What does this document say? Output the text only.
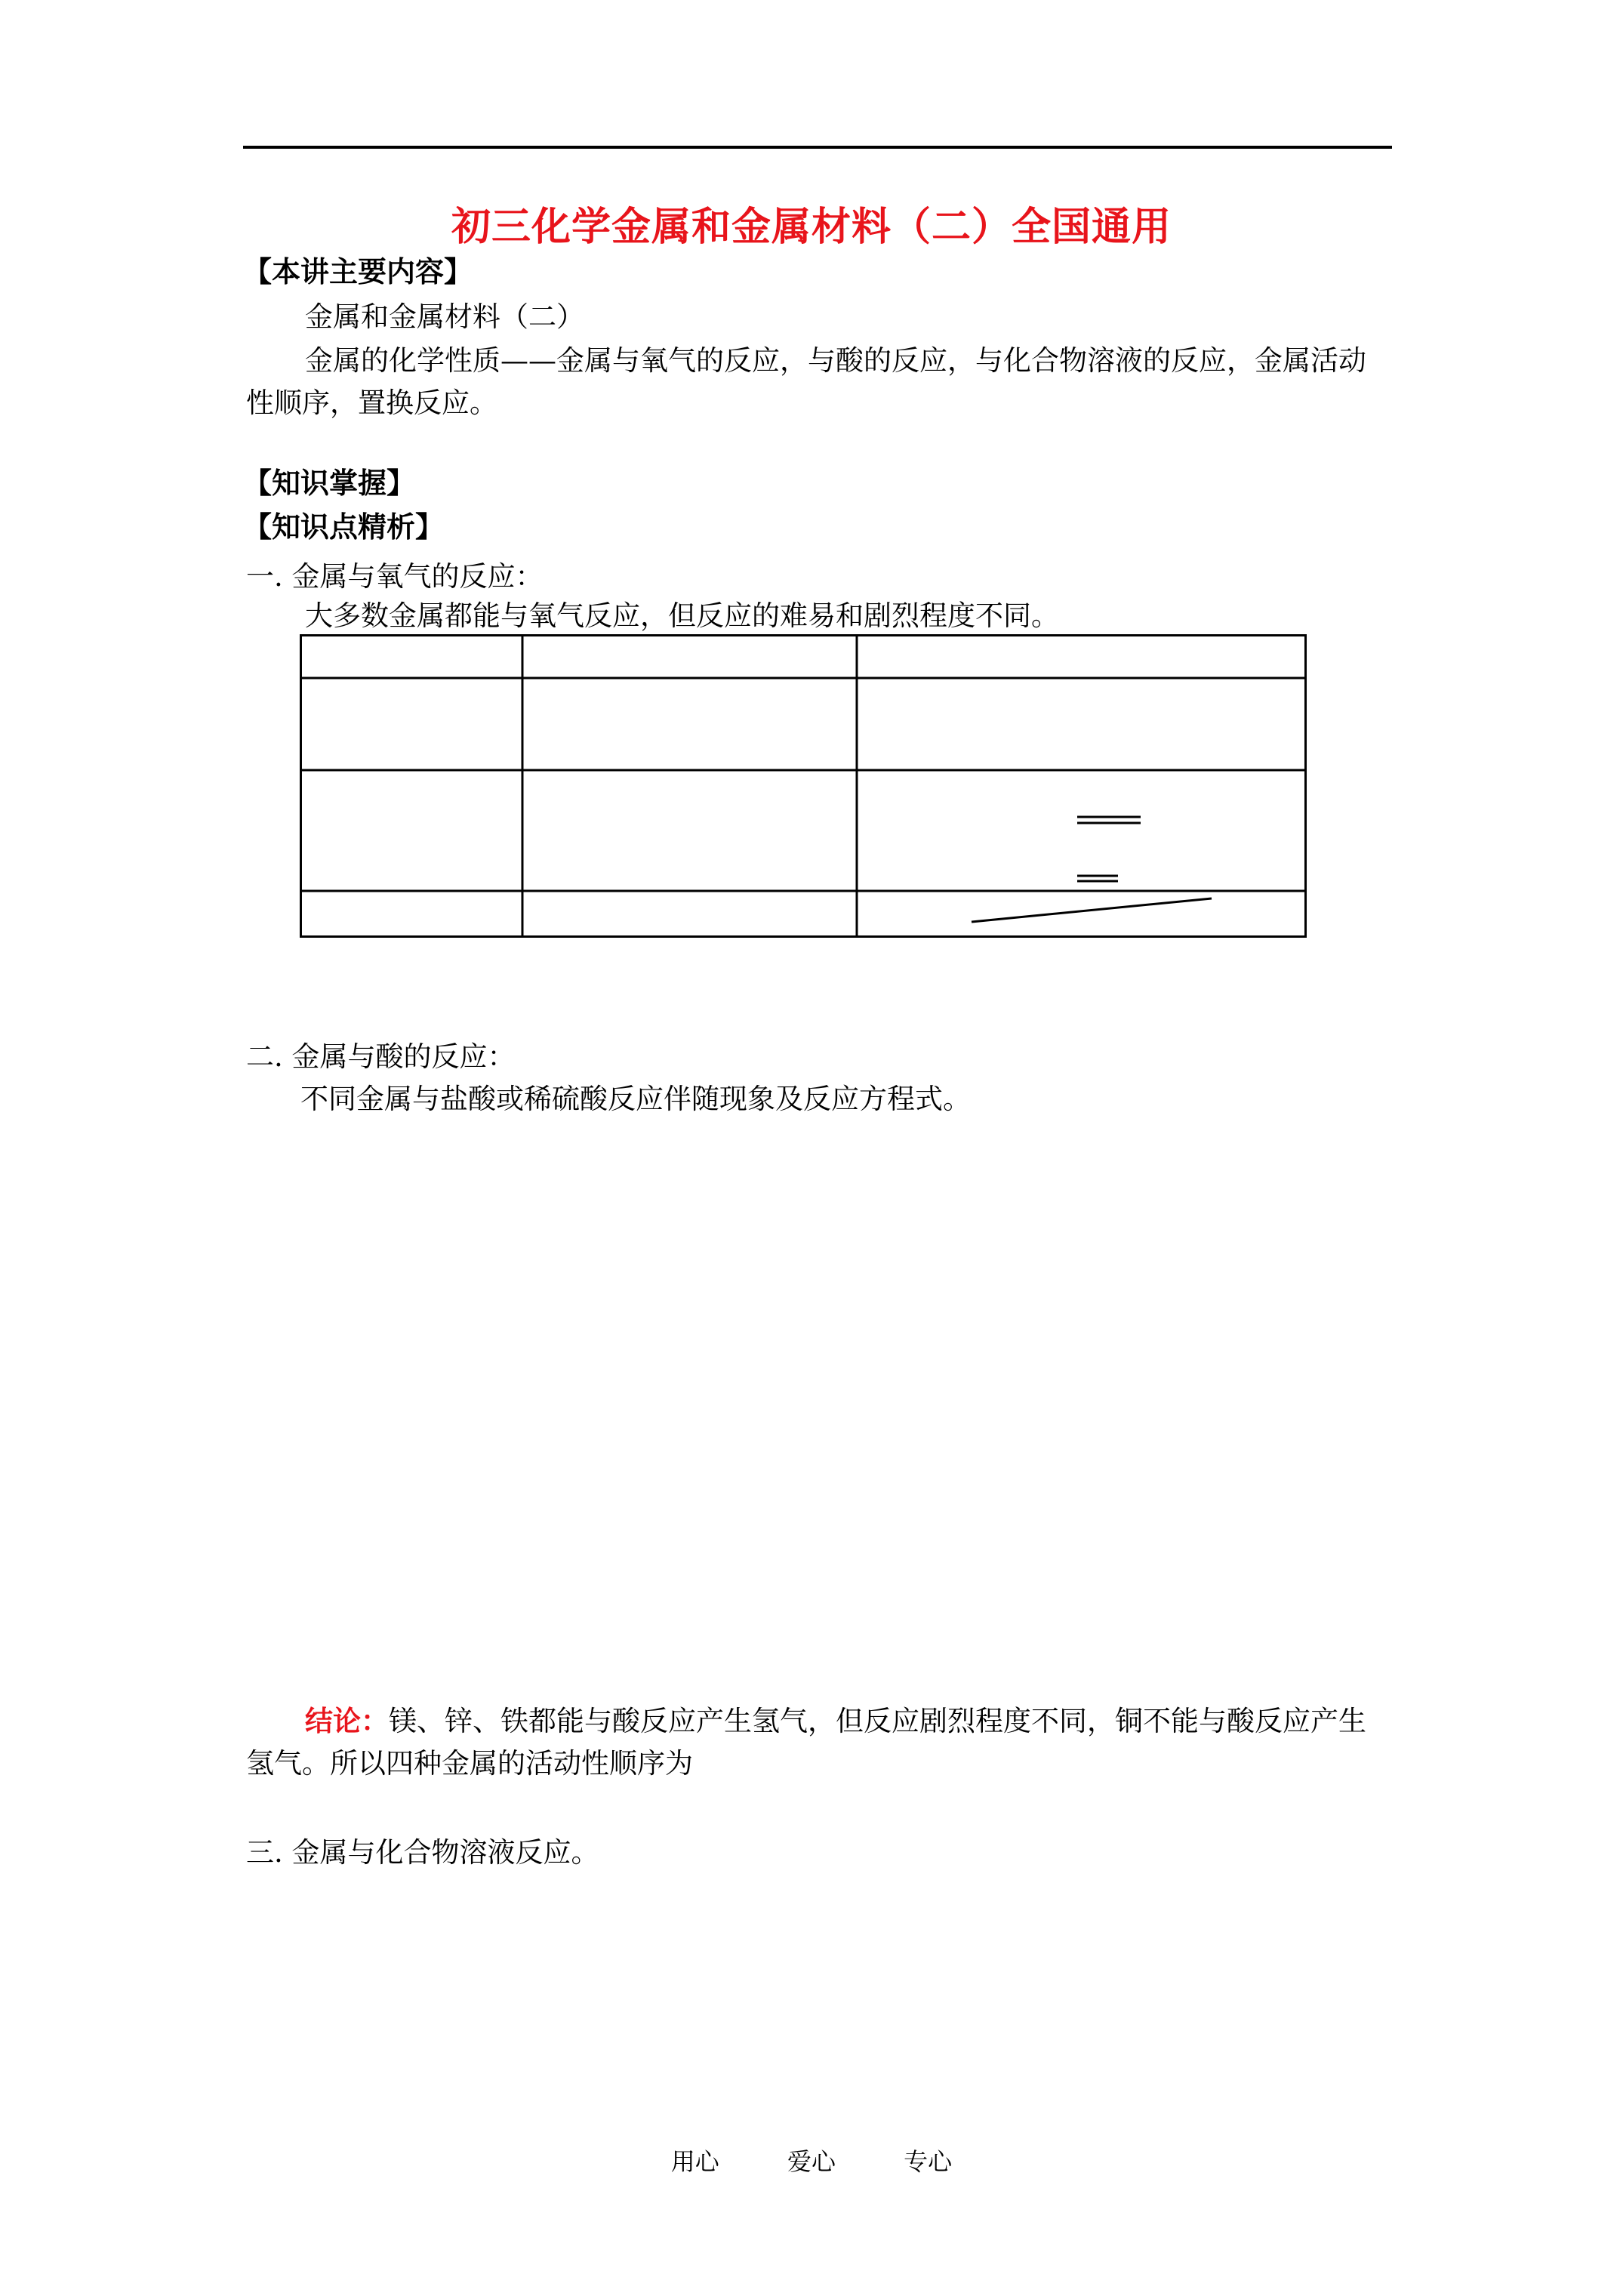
初三化学金属和金属材料（二）全国通用
【本讲主要内容】
金属和金属材料（二）
金属的化学性质——金属与氧气的反应，与酸的反应，与化合物溶液的反应，金属活动
性顺序，置换反应。
【知识掌握】
【知识点精析】
一. 金属与氧气的反应：
大多数金属都能与氧气反应，但反应的难易和剧烈程度不同。
二. 金属与酸的反应：
不同金属与盐酸或稀硫酸反应伴随现象及反应方程式。
结论：镁、锌、铁都能与酸反应产生氢气，但反应剧烈程度不同，铜不能与酸反应产生
氢气。所以四种金属的活动性顺序为
三. 金属与化合物溶液反应。
用心	爱心	专心
